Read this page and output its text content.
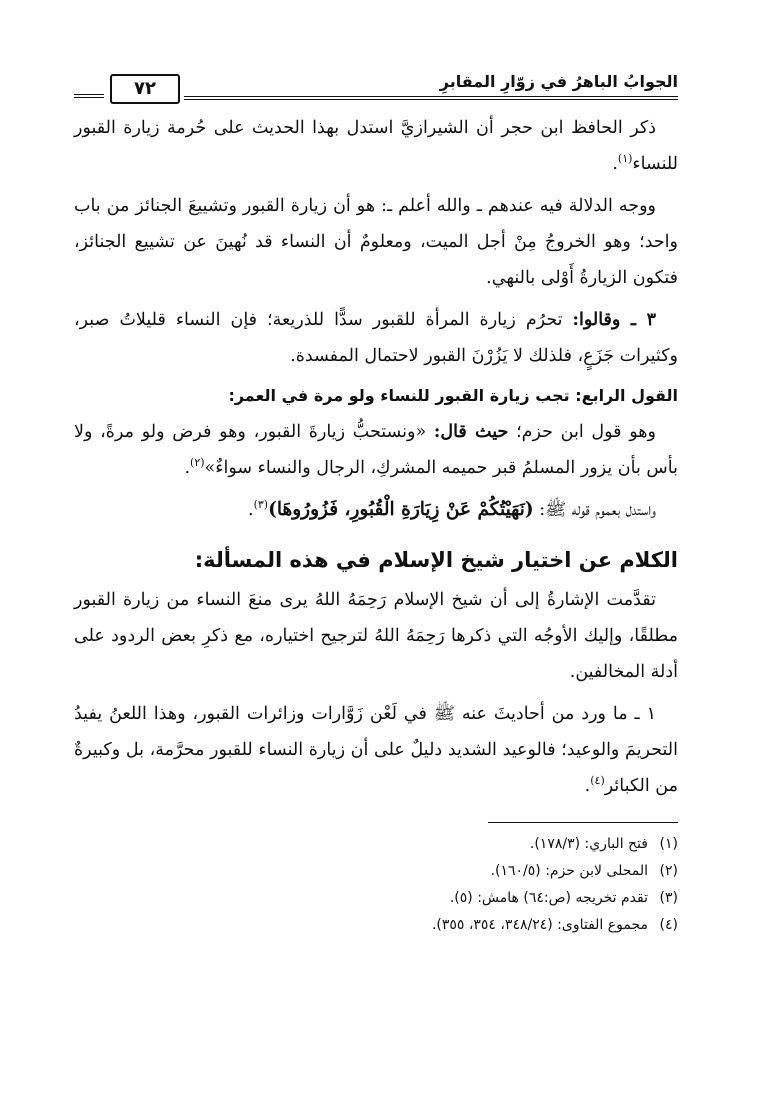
الجوابُ الباهرُ في زوّارِ المقابرِ
٧٢

ذكر الحافظ ابن حجر أن الشيرازيَّ استدل بهذا الحديث على حُرمة زيارة القبور للنساء$^{(١)}$.

ووجه الدلالة فيه عندهم ـ والله أعلم ـ: هو أن زيارة القبور وتشييعَ الجنائز من باب واحد؛ وهو الخروجُ مِنْ أجل الميت، ومعلومٌ أن النساء قد نُهينَ عن تشييع الجنائز، فتكون الزيارةُ أَوْلى بالنهي.

٣ ـ وقالوا: تحرُم زيارة المرأة للقبور سدًّا للذريعة؛ فإن النساء قليلاتُ صبر، وكثيرات جَزَعٍ، فلذلك لا يَزُرْنَ القبور لاحتمال المفسدة.

القول الرابع: تجب زيارة القبور للنساء ولو مرة في العمر:

وهو قول ابن حزم؛ حيث قال: «ونستحبُّ زيارةَ القبور، وهو فرض ولو مرةً، ولا بأس بأن يزور المسلمُ قبر حميمه المشركِ، الرجال والنساء سواءٌ»$^{(٢)}$.

واستدل بعموم قوله ﷺ: (نَهَيْتُكُمْ عَنْ زِيَارَةِ الْقُبُورِ، فَزُورُوهَا)$^{(٣)}$.

الكلام عن اختيار شيخ الإسلام في هذه المسألة:

تقدَّمت الإشارةُ إلى أن شيخ الإسلام رَحِمَهُ اللهُ يرى منعَ النساء من زيارة القبور مطلقًا، وإليك الأوجُه التي ذكرها رَحِمَهُ اللهُ لترجيح اختياره، مع ذكرِ بعض الردود على أدلة المخالفين.

١ ـ ما ورد من أحاديثَ عنه ﷺ في لَعْن زَوَّارات وزائرات القبور، وهذا اللعنُ يفيدُ التحريمَ والوعيد؛ فالوعيد الشديد دليلٌ على أن زيارة النساء للقبور محرَّمة، بل وكبيرةٌ من الكبائر$^{(٤)}$.

(١)فتح الباري: (١٧٨/٣).

(٢)المحلى لابن حزم: (١٦٠/٥).

(٣)تقدم تخريجه (ص:٦٤) هامش: (٥).

(٤)مجموع الفتاوى: (٣٤٨/٢٤، ٣٥٤، ٣٥٥).
